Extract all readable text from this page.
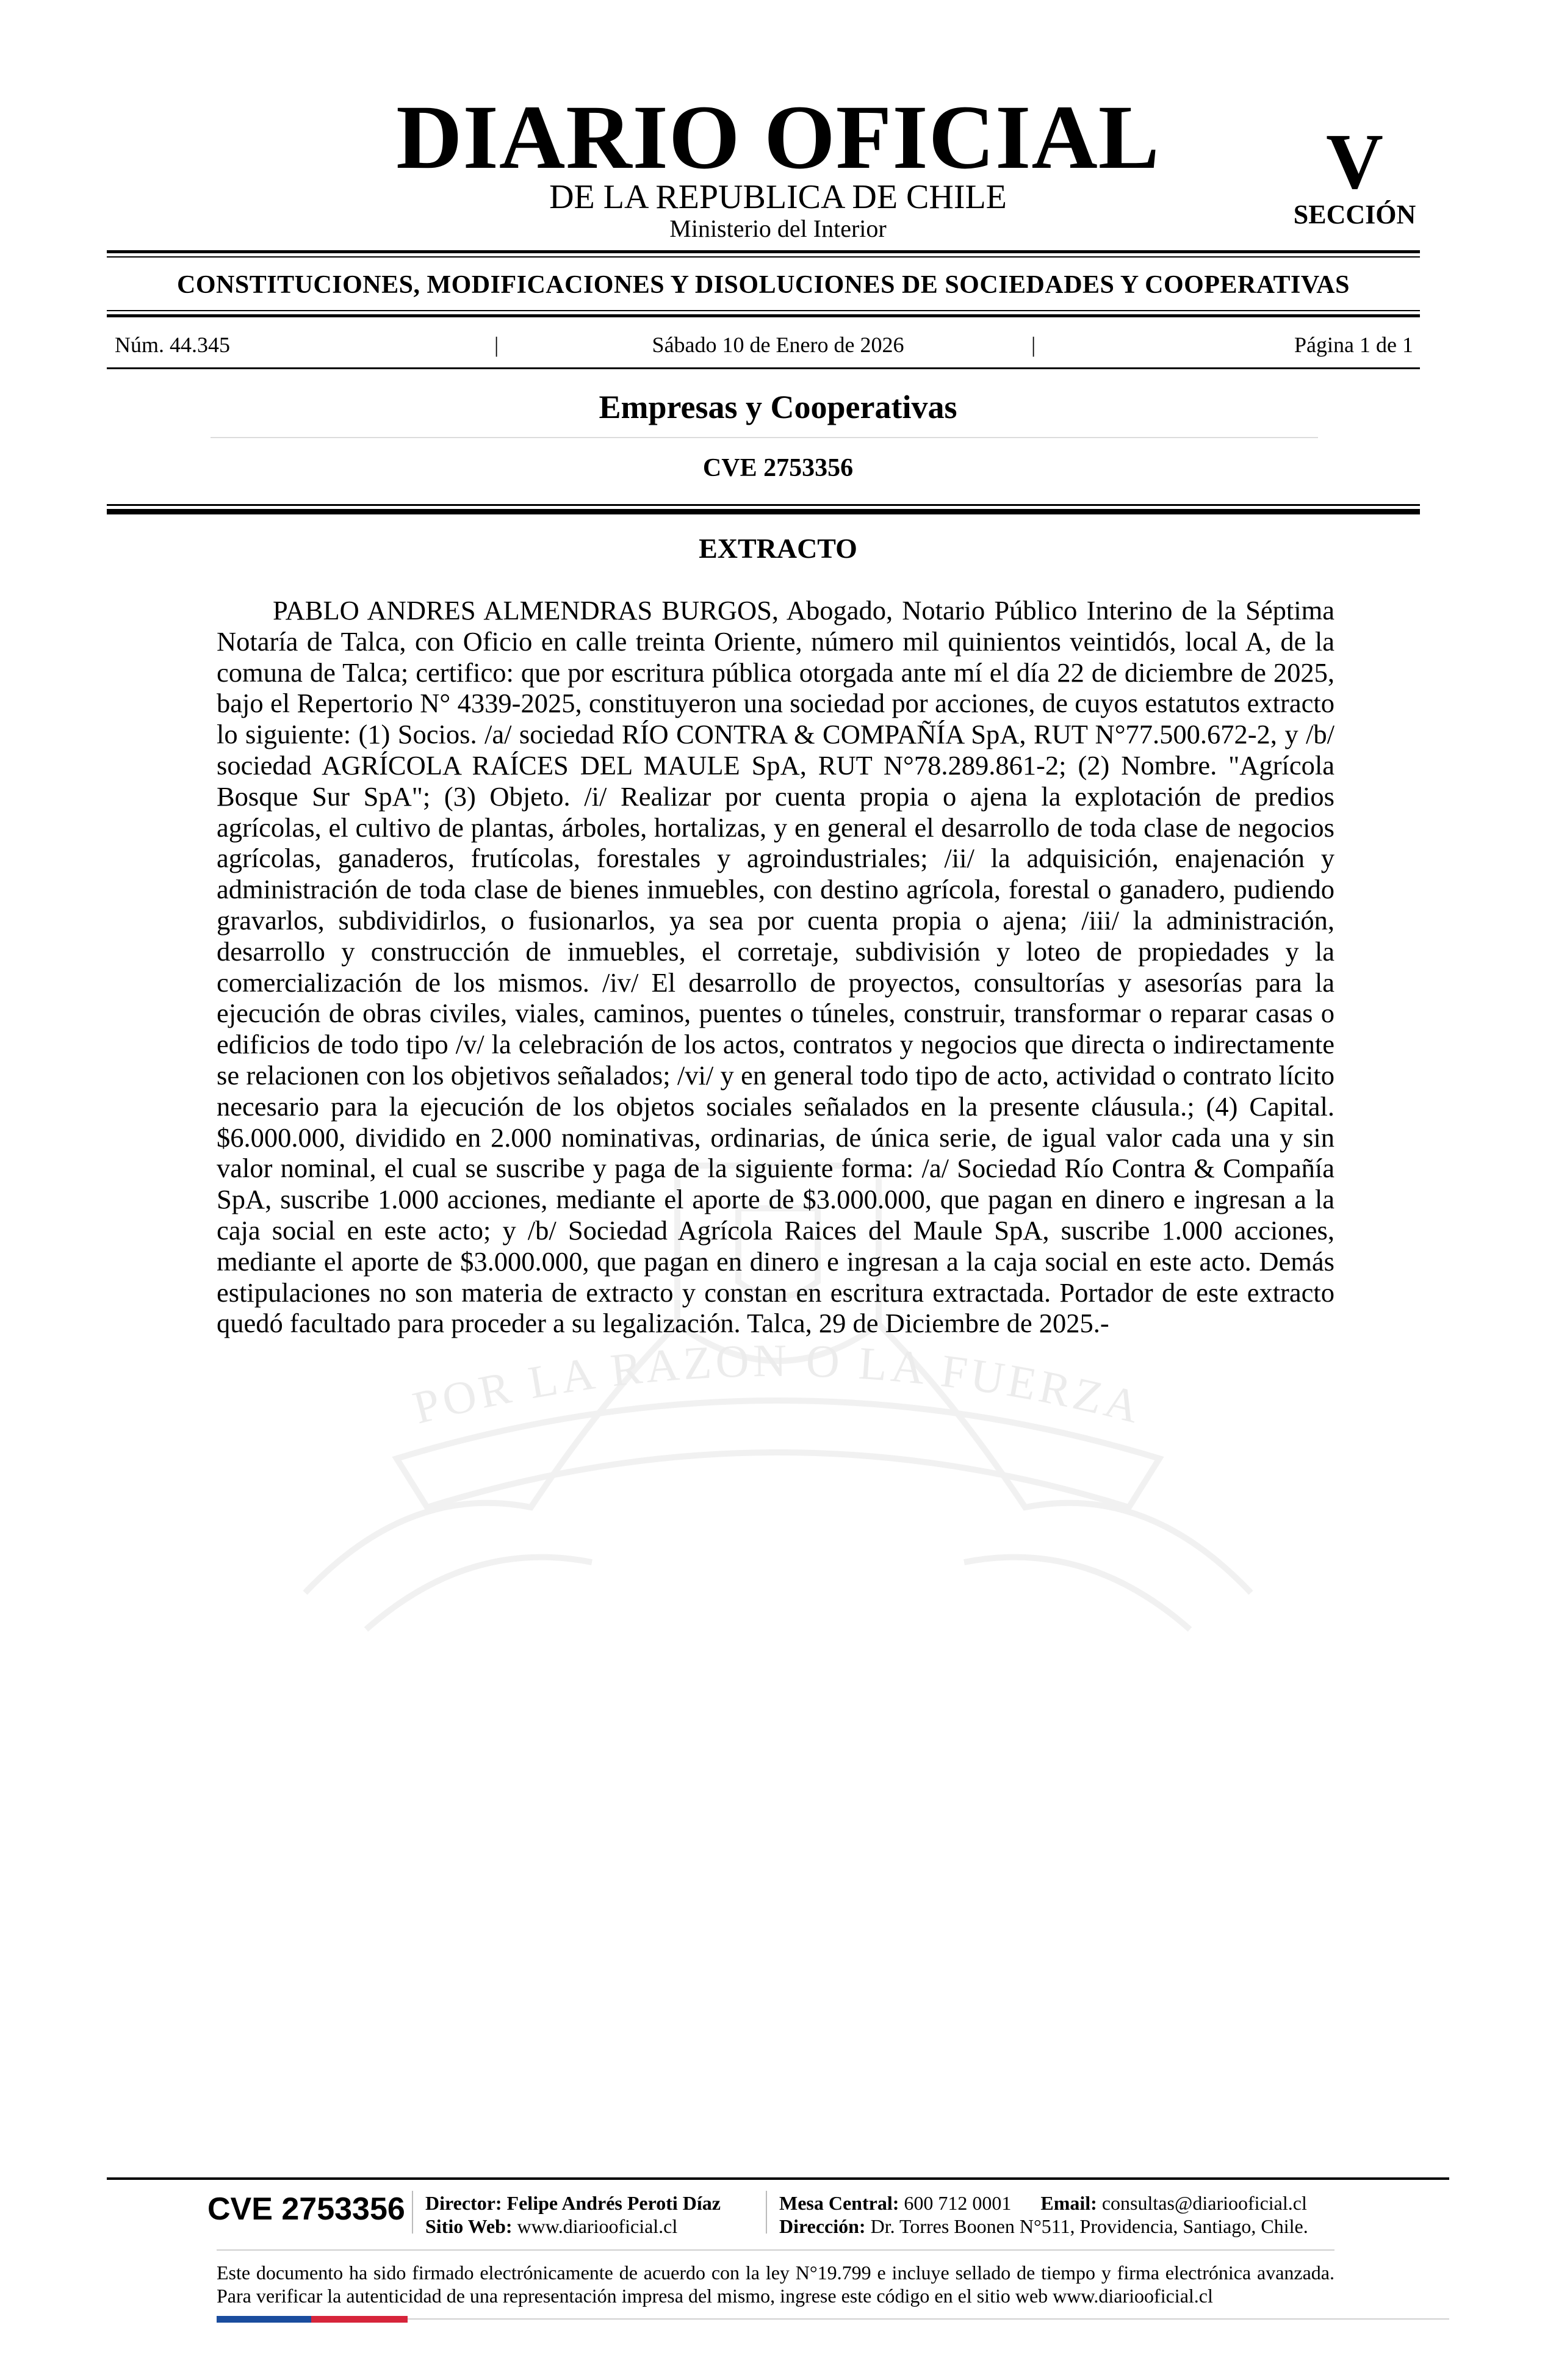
DIARIO OFICIAL
DE LA REPUBLICA DE CHILE
Ministerio del Interior
V
SECCIÓN
CONSTITUCIONES, MODIFICACIONES Y DISOLUCIONES DE SOCIEDADES Y COOPERATIVAS
Núm. 44.345	|	Sábado 10 de Enero de 2026	|	Página 1 de 1
Empresas y Cooperativas
CVE 2753356
EXTRACTO
POR LA RAZON O LA FUERZA

PABLO ANDRES ALMENDRAS BURGOS, Abogado, Notario Público Interino de la Séptima Notaría de Talca, con Oficio en calle treinta Oriente, número mil quinientos veintidós, local A, de la comuna de Talca; certifico: que por escritura pública otorgada ante mí el día 22 de diciembre de 2025, bajo el Repertorio N° 4339-2025, constituyeron una sociedad por acciones, de cuyos estatutos extracto lo siguiente: (1) Socios. /a/ sociedad RÍO CONTRA & COMPAÑÍA SpA, RUT N°77.500.672-2, y /b/ sociedad AGRÍCOLA RAÍCES DEL MAULE SpA, RUT N°78.289.861-2; (2) Nombre. "Agrícola Bosque Sur SpA"; (3) Objeto. /i/ Realizar por cuenta propia o ajena la explotación de predios agrícolas, el cultivo de plantas, árboles, hortalizas, y en general el desarrollo de toda clase de negocios agrícolas, ganaderos, frutícolas, forestales y agroindustriales; /ii/ la adquisición, enajenación y administración de toda clase de bienes inmuebles, con destino agrícola, forestal o ganadero, pudiendo gravarlos, subdividirlos, o fusionarlos, ya sea por cuenta propia o ajena; /iii/ la administración, desarrollo y construcción de inmuebles, el corretaje, subdivisión y loteo de propiedades y la comercialización de los mismos. /iv/ El desarrollo de proyectos, consultorías y asesorías para la ejecución de obras civiles, viales, caminos, puentes o túneles, construir, transformar o reparar casas o edificios de todo tipo /v/ la celebración de los actos, contratos y negocios que directa o indirectamente se relacionen con los objetivos señalados; /vi/ y en general todo tipo de acto, actividad o contrato lícito necesario para la ejecución de los objetos sociales señalados en la presente cláusula.; (4) Capital. $6.000.000, dividido en 2.000 nominativas, ordinarias, de única serie, de igual valor cada una y sin valor nominal, el cual se suscribe y paga de la siguiente forma: /a/ Sociedad Río Contra & Compañía SpA, suscribe 1.000 acciones, mediante el aporte de $3.000.000, que pagan en dinero e ingresan a la caja social en este acto; y /b/ Sociedad Agrícola Raices del Maule SpA, suscribe 1.000 acciones, mediante el aporte de $3.000.000, que pagan en dinero e ingresan a la caja social en este acto. Demás estipulaciones no son materia de extracto y constan en escritura extractada. Portador de este extracto quedó facultado para proceder a su legalización. Talca, 29 de Diciembre de 2025.-

CVE 2753356 Director: Felipe Andrés Peroti Díaz
Sitio Web: www.diariooficial.cl
Mesa Central: 600 712 0001 Email: consultas@diariooficial.cl
Dirección: Dr. Torres Boonen N°511, Providencia, Santiago, Chile.

Este documento ha sido firmado electrónicamente de acuerdo con la ley N°19.799 e incluye sellado de tiempo y firma electrónica avanzada. Para verificar la autenticidad de una representación impresa del mismo, ingrese este código en el sitio web www.diariooficial.cl
